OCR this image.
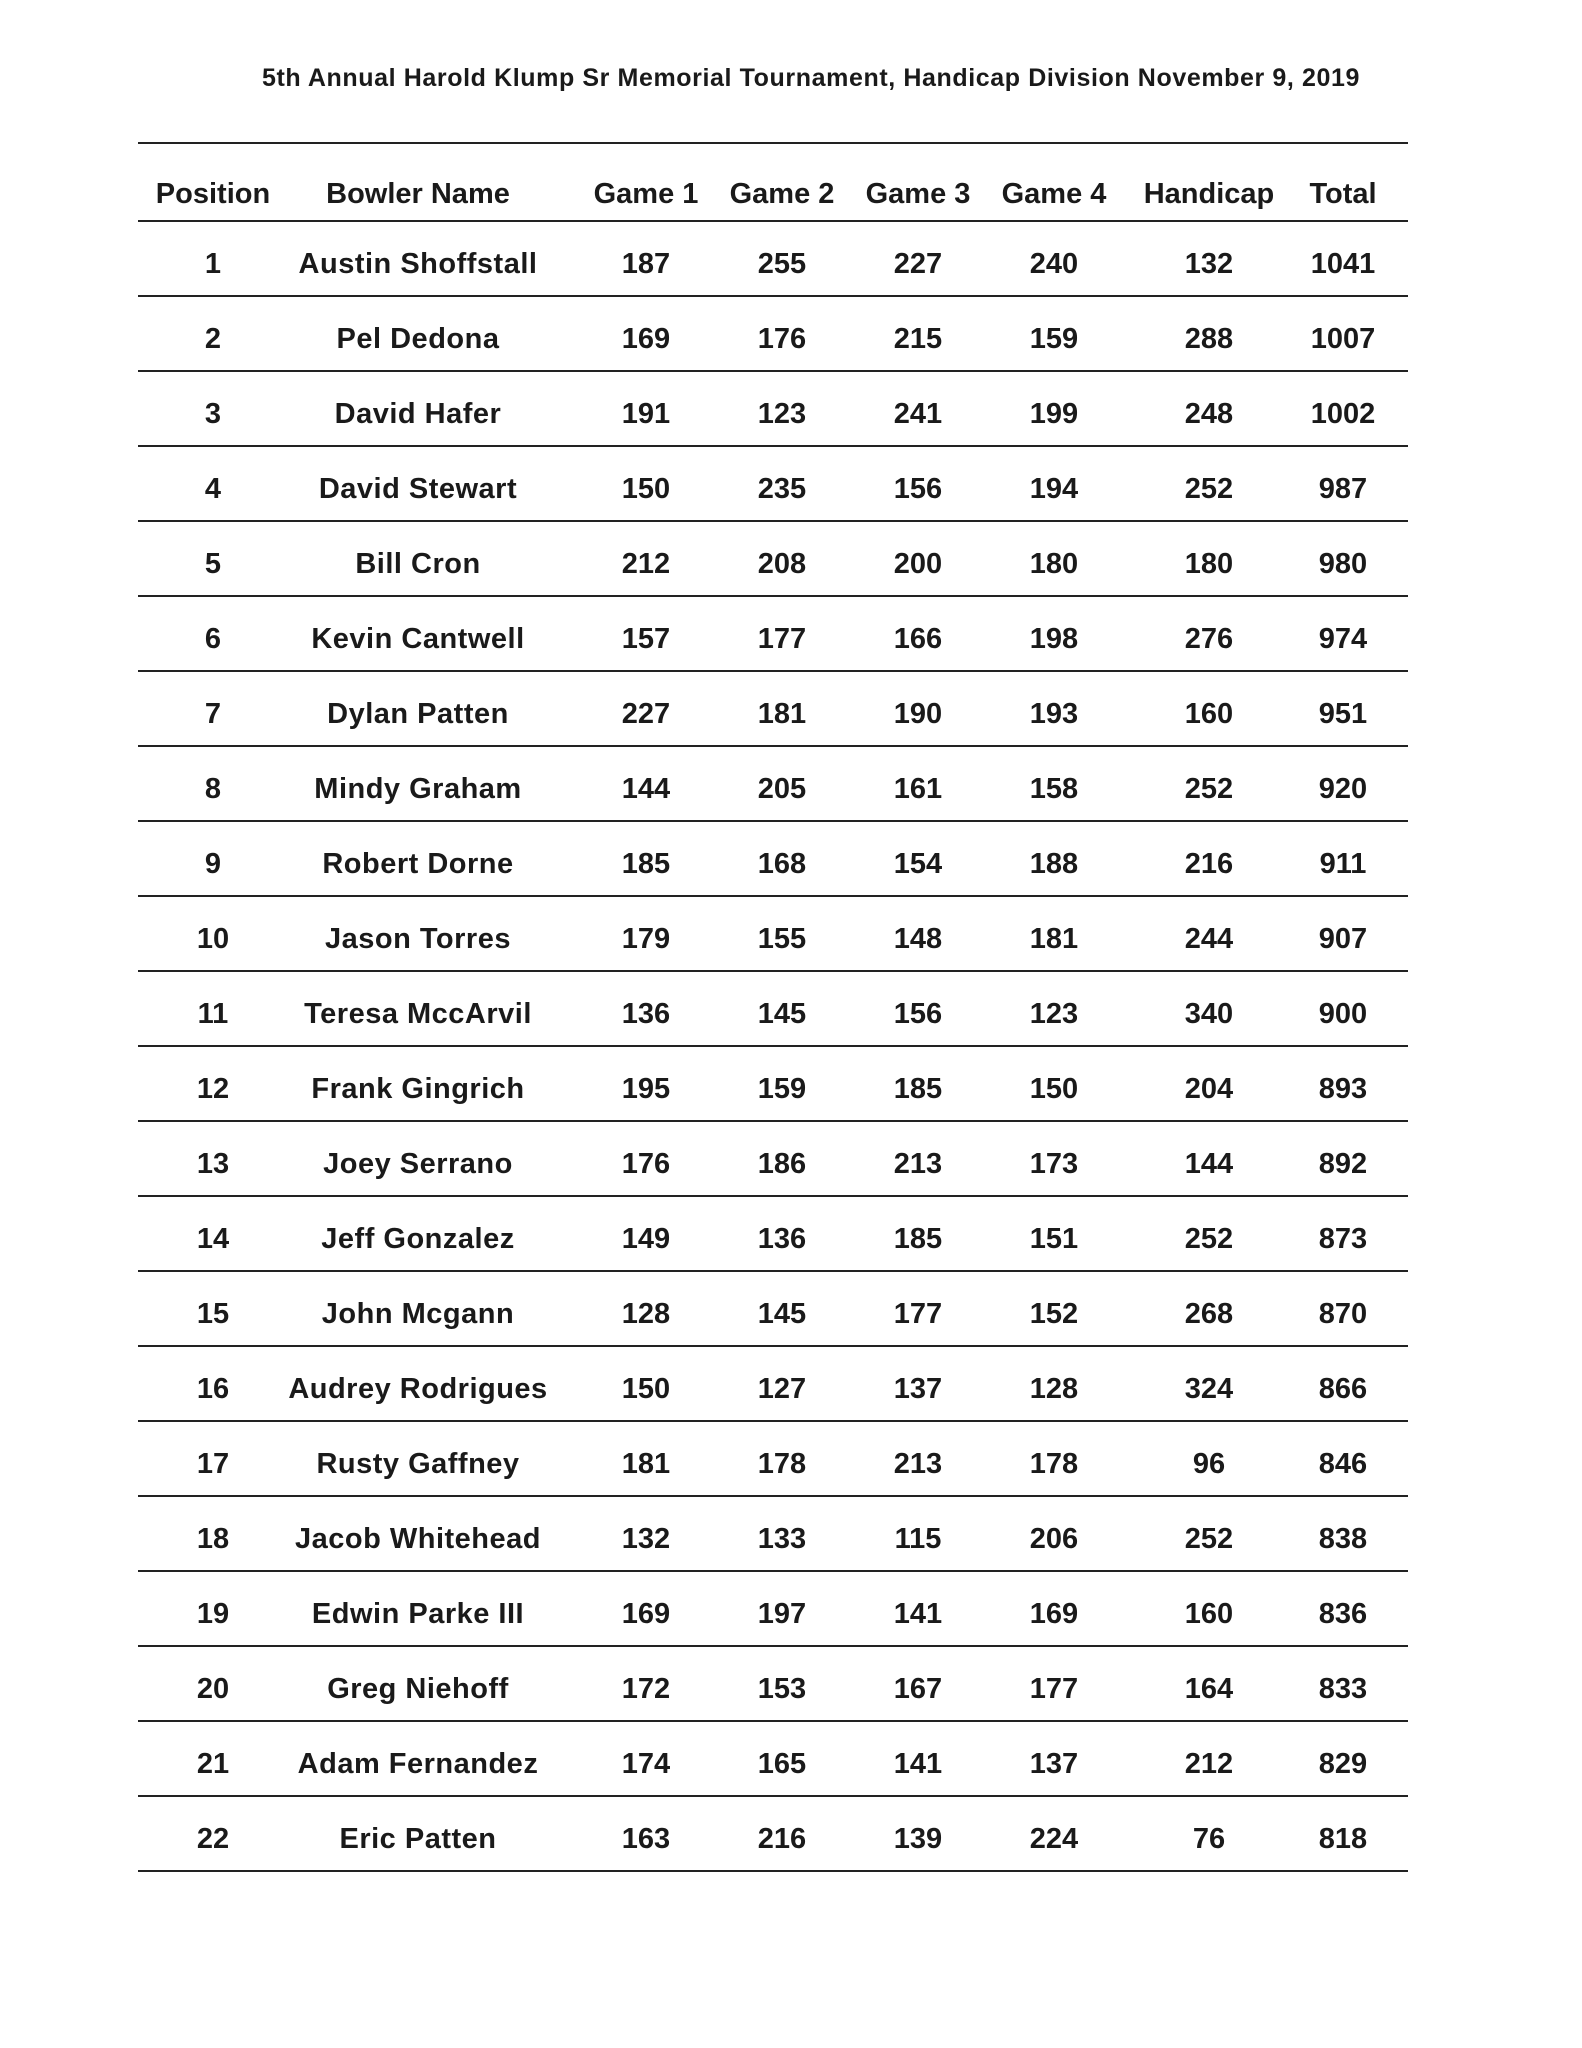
5th Annual Harold Klump Sr Memorial Tournament, Handicap Division November 9, 2019
Position	Bowler Name	Game 1	Game 2	Game 3	Game 4	Handicap	Total
1	Austin Shoffstall	187	255	227	240	132	1041
2	Pel Dedona	169	176	215	159	288	1007
3	David Hafer	191	123	241	199	248	1002
4	David Stewart	150	235	156	194	252	987
5	Bill Cron	212	208	200	180	180	980
6	Kevin Cantwell	157	177	166	198	276	974
7	Dylan Patten	227	181	190	193	160	951
8	Mindy Graham	144	205	161	158	252	920
9	Robert Dorne	185	168	154	188	216	911
10	Jason Torres	179	155	148	181	244	907
11	Teresa MccArvil	136	145	156	123	340	900
12	Frank Gingrich	195	159	185	150	204	893
13	Joey Serrano	176	186	213	173	144	892
14	Jeff Gonzalez	149	136	185	151	252	873
15	John Mcgann	128	145	177	152	268	870
16	Audrey Rodrigues	150	127	137	128	324	866
17	Rusty Gaffney	181	178	213	178	96	846
18	Jacob Whitehead	132	133	115	206	252	838
19	Edwin Parke III	169	197	141	169	160	836
20	Greg Niehoff	172	153	167	177	164	833
21	Adam Fernandez	174	165	141	137	212	829
22	Eric Patten	163	216	139	224	76	818
